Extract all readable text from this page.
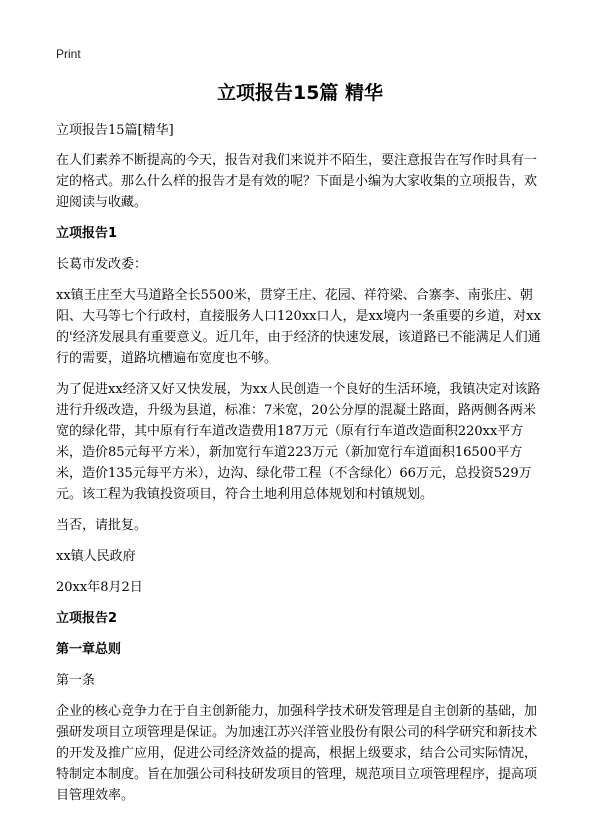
Print
立项报告15篇 精华

立项报告15篇[精华]

在人们素养不断提高的今天，报告对我们来说并不陌生，要注意报告在写作时具有一定的格式。那么什么样的报告才是有效的呢？下面是小编为大家收集的立项报告，欢迎阅读与收藏。

立项报告1

长葛市发改委：

xx镇王庄至大马道路全长5500米，贯穿王庄、花园、祥符梁、合寨李、南张庄、朝阳、大马等七个行政村，直接服务人口120xx口人，是xx境内一条重要的乡道，对xx的'经济发展具有重要意义。近几年，由于经济的快速发展，该道路已不能满足人们通行的需要，道路坑槽遍布宽度也不够。

为了促进xx经济又好又快发展，为xx人民创造一个良好的生活环境，我镇决定对该路进行升级改造，升级为县道，标准：7米宽，20公分厚的混凝土路面，路两侧各两米宽的绿化带，其中原有行车道改造费用187万元（原有行车道改造面积220xx平方米，造价85元每平方米），新加宽行车道223万元（新加宽行车道面积16500平方米，造价135元每平方米），边沟、绿化带工程（不含绿化）66万元，总投资529万元。该工程为我镇投资项目，符合土地利用总体规划和村镇规划。

当否，请批复。

xx镇人民政府

20xx年8月2日

立项报告2
第一章总则

第一条

企业的核心竞争力在于自主创新能力，加强科学技术研发管理是自主创新的基础，加强研发项目立项管理是保证。为加速江苏兴洋管业股份有限公司的科学研究和新技术的开发及推广应用，促进公司经济效益的提高，根据上级要求，结合公司实际情况，特制定本制度。旨在加强公司科技研发项目的管理，规范项目立项管理程序，提高项目管理效率。
